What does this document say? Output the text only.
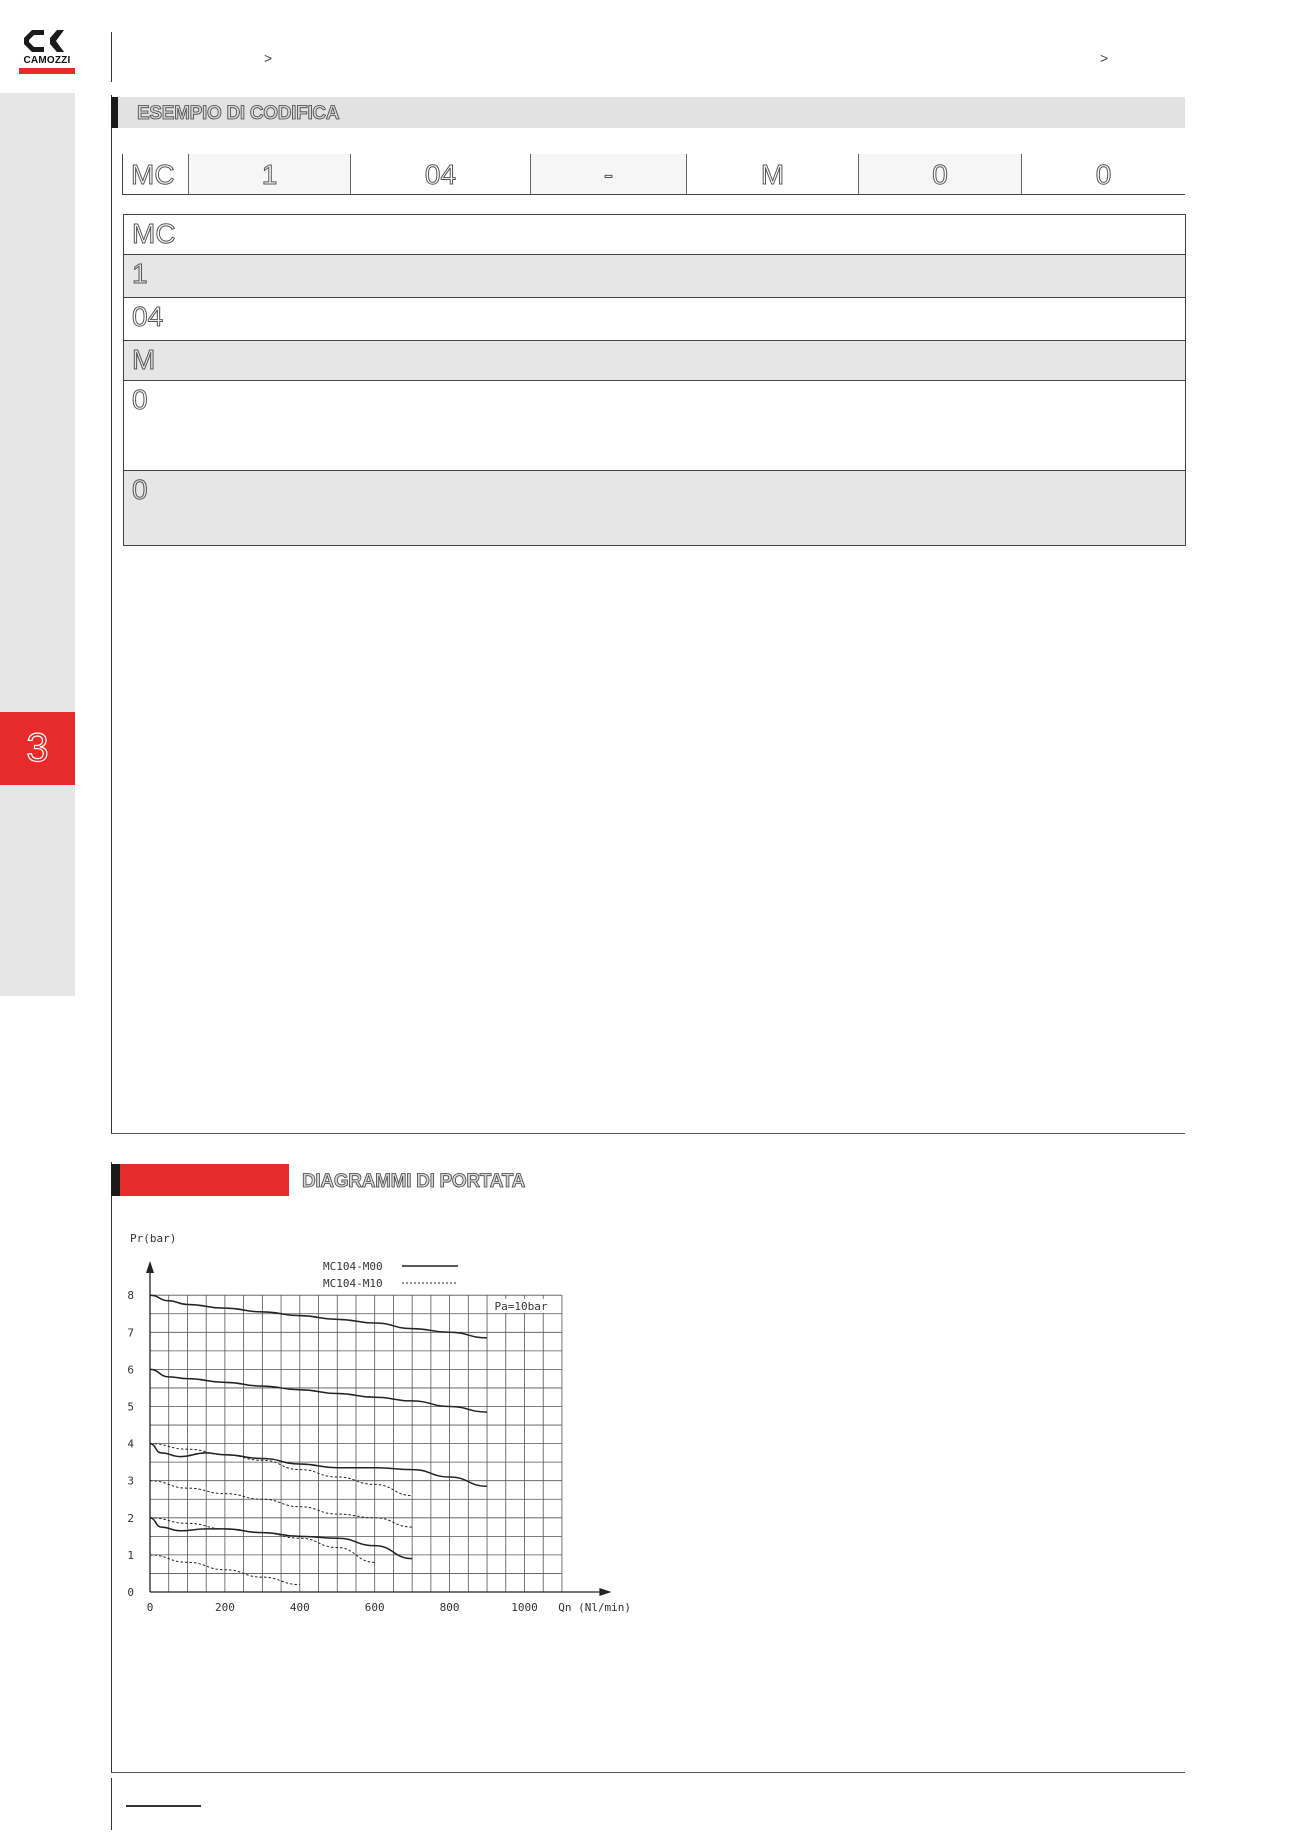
CAMOZZI	>	>
3
ESEMPIO DI CODIFICA
MC	1	04	-	M	0	0
MC
1
04
M
0
0
DIAGRAMMI DI PORTATA
0	200	400	600	800	1000
0
1
2
3
4
5
6
7
8
Pr(bar)
Qn (Nl/min)
Pa=10bar
MC104-M00
MC104-M10
